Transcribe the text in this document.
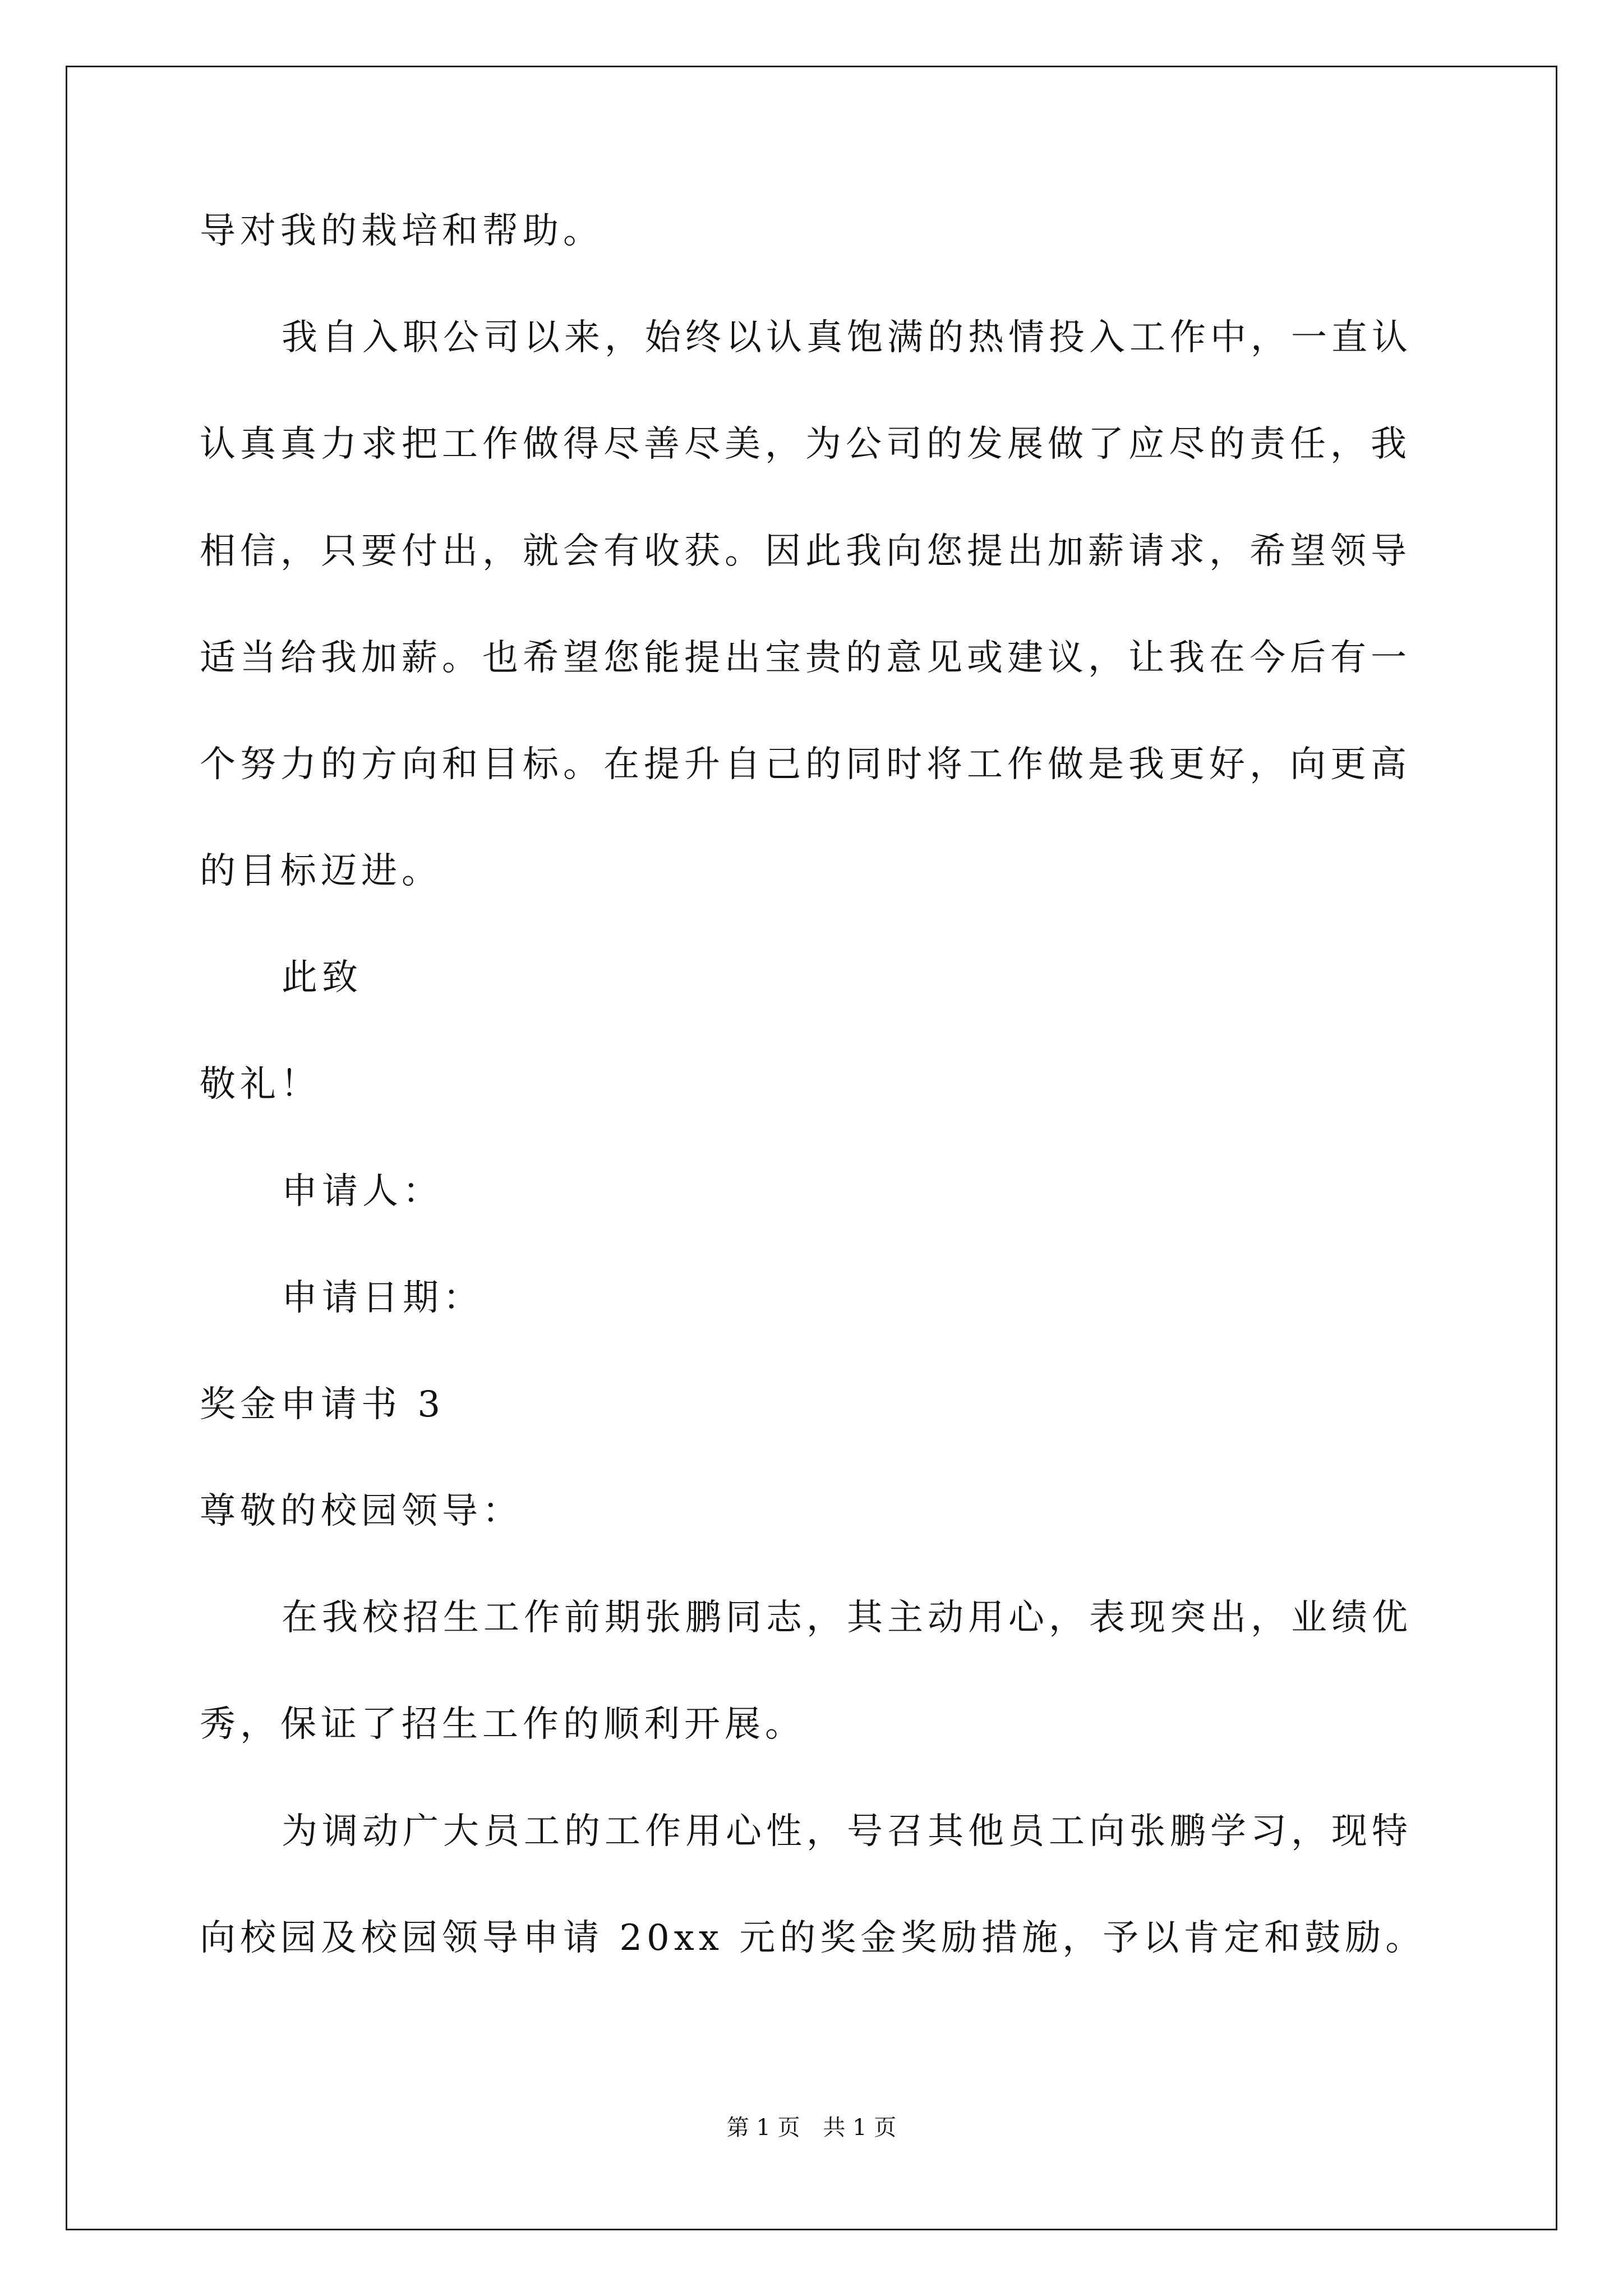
导对我的栽培和帮助。
我自入职公司以来，始终以认真饱满的热情投入工作中，一直认
认真真力求把工作做得尽善尽美，为公司的发展做了应尽的责任，我
相信，只要付出，就会有收获。因此我向您提出加薪请求，希望领导
适当给我加薪。也希望您能提出宝贵的意见或建议，让我在今后有一
个努力的方向和目标。在提升自己的同时将工作做是我更好，向更高
的目标迈进。
此致
敬礼！
申请人：
申请日期：
奖金申请书 3
尊敬的校园领导：
在我校招生工作前期张鹏同志，其主动用心，表现突出，业绩优
秀，保证了招生工作的顺利开展。
为调动广大员工的工作用心性，号召其他员工向张鹏学习，现特
向校园及校园领导申请 20xx 元的奖金奖励措施，予以肯定和鼓励。
第 1 页 共 1 页
